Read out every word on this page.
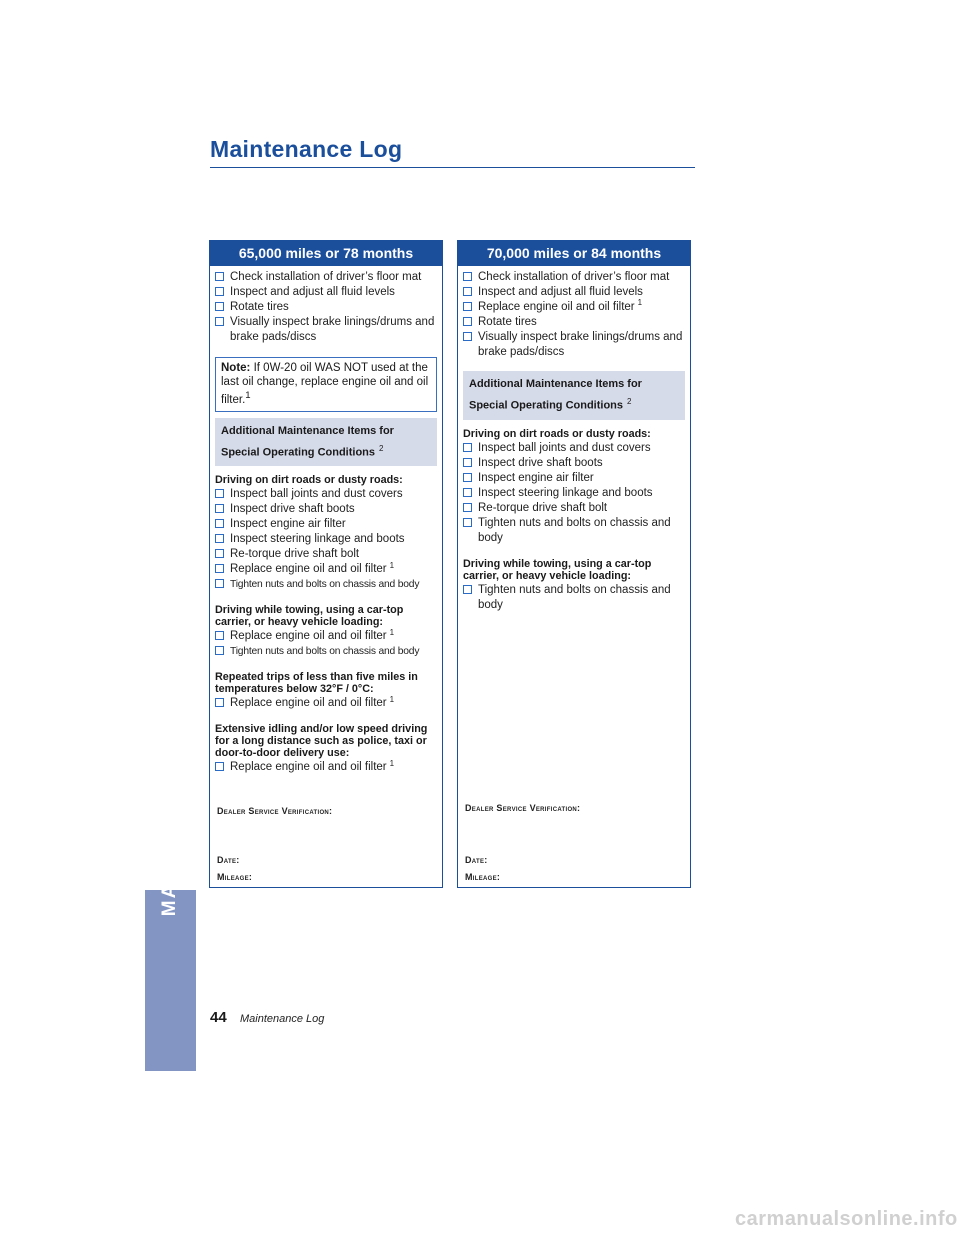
MAINTENANCE
Maintenance Log
65,000 miles or 78 months
Check installation of driver’s floor mat
Inspect and adjust all fluid levels
Rotate tires
Visually inspect brake linings/drums and brake pads/discs
Note: If 0W-20 oil WAS NOT used at the last oil change, replace engine oil and oil filter.$^1$
Additional Maintenance Items for Special Operating Conditions $^2$
Driving on dirt roads or dusty roads:
Inspect ball joints and dust covers
Inspect drive shaft boots
Inspect engine air filter
Inspect steering linkage and boots
Re-torque drive shaft bolt
Replace engine oil and oil filter $^1$
Tighten nuts and bolts on chassis and body
Driving while towing, using a car-top carrier, or heavy vehicle loading:
Replace engine oil and oil filter $^1$
Tighten nuts and bolts on chassis and body
Repeated trips of less than five miles in temperatures below 32°F / 0°C:
Replace engine oil and oil filter $^1$
Extensive idling and/or low speed driving for a long distance such as police, taxi or door-to-door delivery use:
Replace engine oil and oil filter $^1$
Dealer Service Verification:
Date:
Mileage:
70,000 miles or 84 months
Check installation of driver’s floor mat
Inspect and adjust all fluid levels
Replace engine oil and oil filter $^1$
Rotate tires
Visually inspect brake linings/drums and brake pads/discs
Additional Maintenance Items for Special Operating Conditions $^2$
Driving on dirt roads or dusty roads:
Inspect ball joints and dust covers
Inspect drive shaft boots
Inspect engine air filter
Inspect steering linkage and boots
Re-torque drive shaft bolt
Tighten nuts and bolts on chassis and body
Driving while towing, using a car-top carrier, or heavy vehicle loading:
Tighten nuts and bolts on chassis and body
Dealer Service Verification:
Date:
Mileage:
44 Maintenance Log
carmanualsonline.info
